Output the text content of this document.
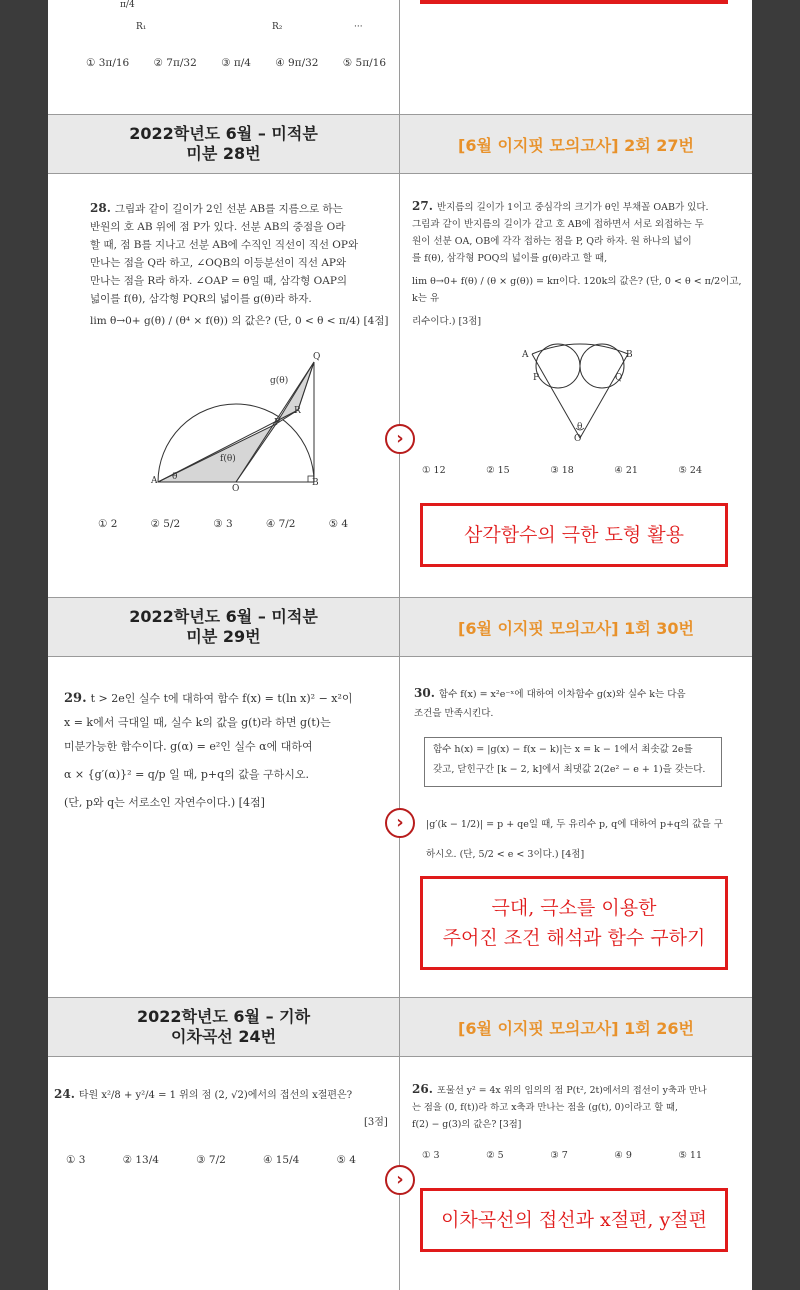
π/4
R₁	R₂	···
① 3π/16 ② 7π/32 ③ π/4 ④ 9π/32 ⑤ 5π/16
2022학년도 6월 – 미적분
미분 28번	[6월 이지핏 모의고사] 2회 27번
28. 그림과 같이 길이가 2인 선분 AB를 지름으로 하는
반원의 호 AB 위에 점 P가 있다. 선분 AB의 중점을 O라
할 때, 점 B를 지나고 선분 AB에 수직인 직선이 직선 OP와
만나는 점을 Q라 하고, ∠OQB의 이등분선이 직선 AP와
만나는 점을 R라 하자. ∠OAP = θ일 때, 삼각형 OAP의
넓이를 f(θ), 삼각형 PQR의 넓이를 g(θ)라 하자.
lim θ→0+ g(θ) / (θ⁴ × f(θ)) 의 값은? (단, 0 < θ < π/4) [4점]
Q
g(θ)
R
P
f(θ)
A θ
O
B
① 2	② 5/2	③ 3	④ 7/2	⑤ 4
27. 반지름의 길이가 1이고 중심각의 크기가 θ인 부채꼴 OAB가 있다.
그림과 같이 반지름의 길이가 같고 호 AB에 접하면서 서로 외접하는 두
원이 선분 OA, OB에 각각 접하는 점을 P, Q라 하자. 원 하나의 넓이
를 f(θ), 삼각형 POQ의 넓이를 g(θ)라고 할 때,
lim θ→0+ f(θ) / (θ × g(θ)) = kπ이다. 120k의 값은? (단, 0 < θ < π/2이고, k는 유
리수이다.) [3점]
A	B
P	Q
θ
O
① 12	② 15	③ 18	④ 21	⑤ 24
›
삼각함수의 극한 도형 활용
2022학년도 6월 – 미적분
미분 29번	[6월 이지핏 모의고사] 1회 30번
29. t > 2e인 실수 t에 대하여 함수 f(x) = t(ln x)² − x²이
x = k에서 극대일 때, 실수 k의 값을 g(t)라 하면 g(t)는
미분가능한 함수이다. g(α) = e²인 실수 α에 대하여
α × {g′(α)}² = q/p 일 때, p+q의 값을 구하시오.
(단, p와 q는 서로소인 자연수이다.) [4점]
30. 함수 f(x) = x²e⁻ˣ에 대하여 이차함수 g(x)와 실수 k는 다음
조건을 만족시킨다.
함수 h(x) = |g(x) − f(x − k)|는 x = k − 1에서 최솟값 2e를
갖고, 닫힌구간 [k − 2, k]에서 최댓값 2(2e² − e + 1)을 갖는다.
|g′(k − 1/2)| = p + qe일 때, 두 유리수 p, q에 대하여 p+q의 값을 구
하시오. (단, 5/2 < e < 3이다.) [4점]
›
극대, 극소를 이용한
주어진 조건 해석과 함수 구하기
2022학년도 6월 – 기하
이차곡선 24번	[6월 이지핏 모의고사] 1회 26번
24. 타원 x²/8 + y²/4 = 1 위의 점 (2, √2)에서의 접선의 x절편은?
[3점]
① 3	② 13/4	③ 7/2	④ 15/4	⑤ 4
26. 포물선 y² = 4x 위의 임의의 점 P(t², 2t)에서의 접선이 y축과 만나
는 점을 (0, f(t))라 하고 x축과 만나는 점을 (g(t), 0)이라고 할 때,
f(2) − g(3)의 값은? [3점]
① 3	② 5	③ 7	④ 9	⑤ 11
›
이차곡선의 접선과 x절편, y절편
